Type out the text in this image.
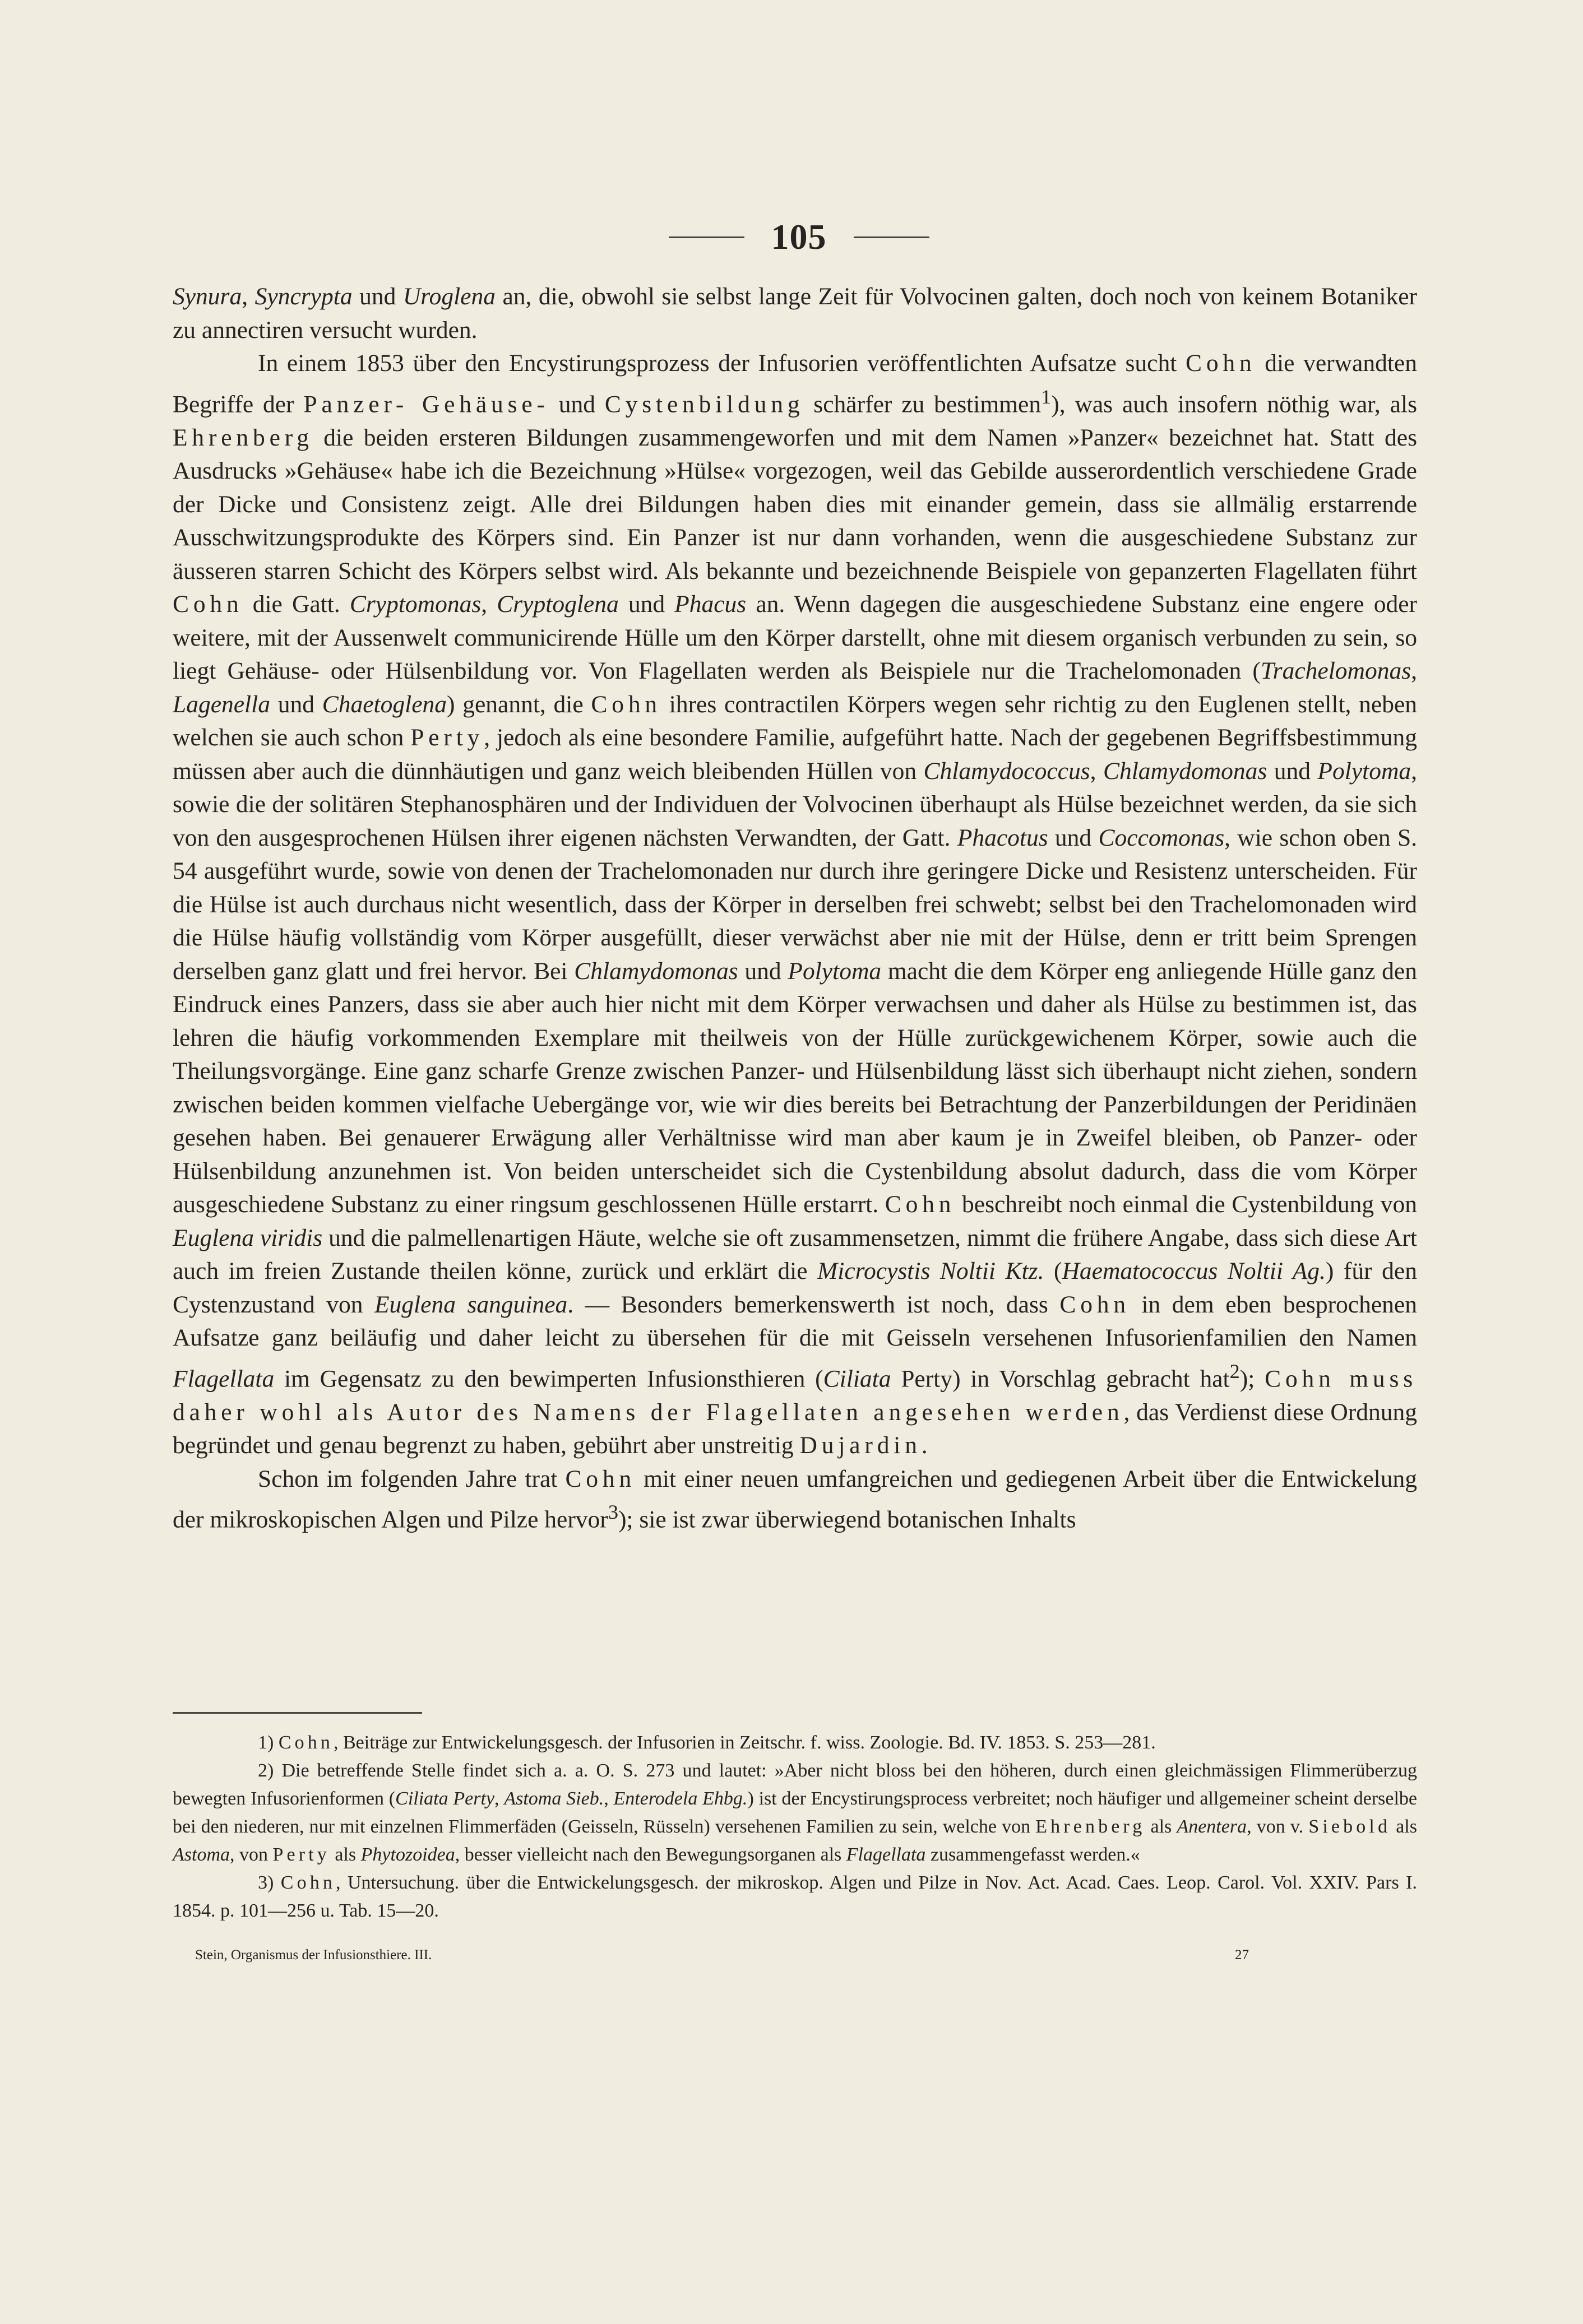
105

Synura, Syncrypta und Uroglena an, die, obwohl sie selbst lange Zeit für Volvocinen galten, doch noch von keinem Botaniker zu annectiren versucht wurden.

In einem 1853 über den Encystirungsprozess der Infusorien veröffentlichten Aufsatze sucht Cohn die verwandten Begriffe der Panzer- Gehäuse- und Cystenbildung schärfer zu bestimmen$^1$), was auch insofern nöthig war, als Ehrenberg die beiden ersteren Bildungen zusammengeworfen und mit dem Namen »Panzer« bezeichnet hat. Statt des Ausdrucks »Gehäuse« habe ich die Bezeichnung »Hülse« vorgezogen, weil das Gebilde ausserordentlich verschiedene Grade der Dicke und Consistenz zeigt. Alle drei Bildungen haben dies mit einander gemein, dass sie allmälig erstarrende Ausschwitzungsprodukte des Körpers sind. Ein Panzer ist nur dann vorhanden, wenn die ausgeschiedene Substanz zur äusseren starren Schicht des Körpers selbst wird. Als bekannte und bezeichnende Beispiele von gepanzerten Flagellaten führt Cohn die Gatt. Cryptomonas, Cryptoglena und Phacus an. Wenn dagegen die ausgeschiedene Substanz eine engere oder weitere, mit der Aussenwelt communicirende Hülle um den Körper darstellt, ohne mit diesem organisch verbunden zu sein, so liegt Gehäuse- oder Hülsenbildung vor. Von Flagellaten werden als Beispiele nur die Trachelomonaden (Trachelomonas, Lagenella und Chaetoglena) genannt, die Cohn ihres contractilen Körpers wegen sehr richtig zu den Euglenen stellt, neben welchen sie auch schon Perty, jedoch als eine besondere Familie, aufgeführt hatte. Nach der gegebenen Begriffsbestimmung müssen aber auch die dünnhäutigen und ganz weich bleibenden Hüllen von Chlamydococcus, Chlamydomonas und Polytoma, sowie die der solitären Stephanosphären und der Individuen der Volvocinen überhaupt als Hülse bezeichnet werden, da sie sich von den ausgesprochenen Hülsen ihrer eigenen nächsten Verwandten, der Gatt. Phacotus und Coccomonas, wie schon oben S. 54 ausgeführt wurde, sowie von denen der Trachelomonaden nur durch ihre geringere Dicke und Resistenz unterscheiden. Für die Hülse ist auch durchaus nicht wesentlich, dass der Körper in derselben frei schwebt; selbst bei den Trachelomonaden wird die Hülse häufig vollständig vom Körper ausgefüllt, dieser verwächst aber nie mit der Hülse, denn er tritt beim Sprengen derselben ganz glatt und frei hervor. Bei Chlamydomonas und Polytoma macht die dem Körper eng anliegende Hülle ganz den Eindruck eines Panzers, dass sie aber auch hier nicht mit dem Körper verwachsen und daher als Hülse zu bestimmen ist, das lehren die häufig vorkommenden Exemplare mit theilweis von der Hülle zurückgewichenem Körper, sowie auch die Theilungsvorgänge. Eine ganz scharfe Grenze zwischen Panzer- und Hülsenbildung lässt sich überhaupt nicht ziehen, sondern zwischen beiden kommen vielfache Uebergänge vor, wie wir dies bereits bei Betrachtung der Panzerbildungen der Peridinäen gesehen haben. Bei genauerer Erwägung aller Verhältnisse wird man aber kaum je in Zweifel bleiben, ob Panzer- oder Hülsenbildung anzunehmen ist. Von beiden unterscheidet sich die Cystenbildung absolut dadurch, dass die vom Körper ausgeschiedene Substanz zu einer ringsum geschlossenen Hülle erstarrt. Cohn beschreibt noch einmal die Cystenbildung von Euglena viridis und die palmellenartigen Häute, welche sie oft zusammensetzen, nimmt die frühere Angabe, dass sich diese Art auch im freien Zustande theilen könne, zurück und erklärt die Microcystis Noltii Ktz. (Haematococcus Noltii Ag.) für den Cystenzustand von Euglena sanguinea. — Besonders bemerkenswerth ist noch, dass Cohn in dem eben besprochenen Aufsatze ganz beiläufig und daher leicht zu übersehen für die mit Geisseln versehenen Infusorienfamilien den Namen Flagellata im Gegensatz zu den bewimperten Infusionsthieren (Ciliata Perty) in Vorschlag gebracht hat$^2$); Cohn muss daher wohl als Autor des Namens der Flagellaten angesehen werden, das Verdienst diese Ordnung begründet und genau begrenzt zu haben, gebührt aber unstreitig Dujardin.

Schon im folgenden Jahre trat Cohn mit einer neuen umfangreichen und gediegenen Arbeit über die Entwickelung der mikroskopischen Algen und Pilze hervor$^3$); sie ist zwar überwiegend botanischen Inhalts

1) Cohn, Beiträge zur Entwickelungsgesch. der Infusorien in Zeitschr. f. wiss. Zoologie. Bd. IV. 1853. S. 253—281.

2) Die betreffende Stelle findet sich a. a. O. S. 273 und lautet: »Aber nicht bloss bei den höheren, durch einen gleichmässigen Flimmerüberzug bewegten Infusorienformen (Ciliata Perty, Astoma Sieb., Enterodela Ehbg.) ist der Encystirungsprocess verbreitet; noch häufiger und allgemeiner scheint derselbe bei den niederen, nur mit einzelnen Flimmerfäden (Geisseln, Rüsseln) versehenen Familien zu sein, welche von Ehrenberg als Anentera, von v. Siebold als Astoma, von Perty als Phytozoidea, besser vielleicht nach den Bewegungsorganen als Flagellata zusammengefasst werden.«

3) Cohn, Untersuchung. über die Entwickelungsgesch. der mikroskop. Algen und Pilze in Nov. Act. Acad. Caes. Leop. Carol. Vol. XXIV. Pars I. 1854. p. 101—256 u. Tab. 15—20.

Stein, Organismus der Infusionsthiere. III.	27
